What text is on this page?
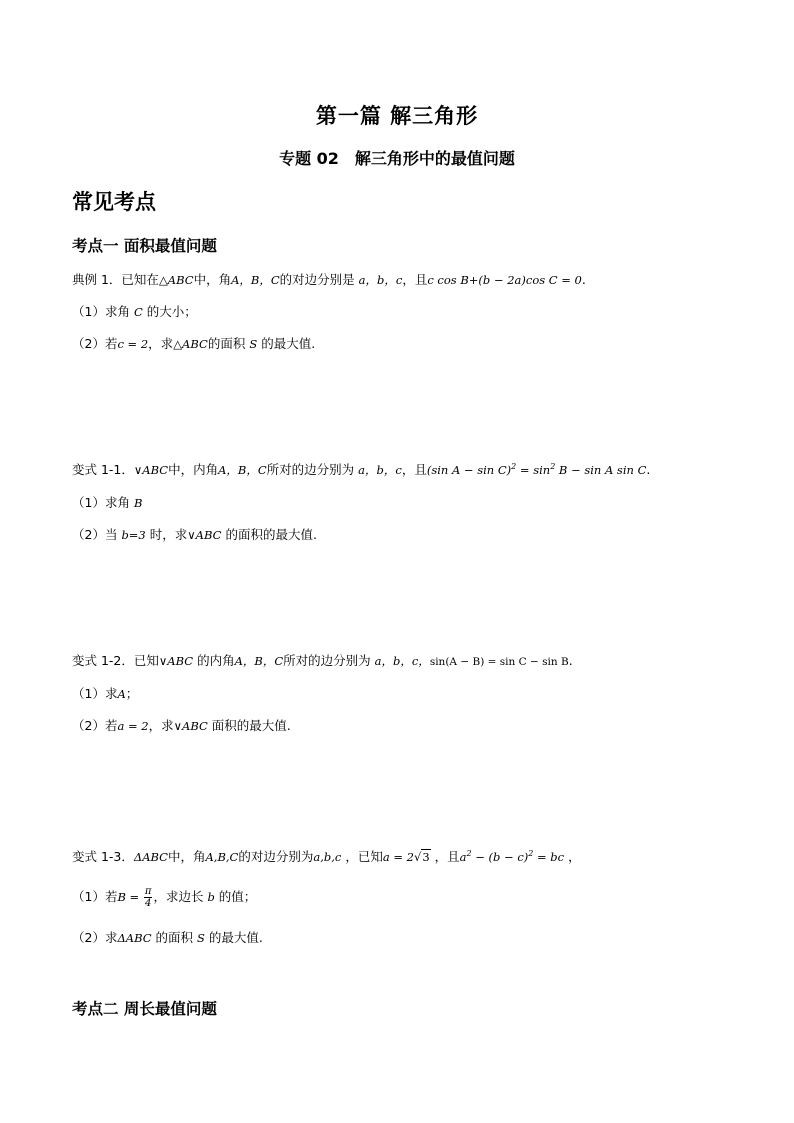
第一篇 解三角形
专题 02　解三角形中的最值问题
常见考点
考点一 面积最值问题
典例 1．已知在△ABC中，角A，B，C的对边分别是 a，b，c，且c cos B+(b − 2a)cos C = 0.
（1）求角 C 的大小；
（2）若c = 2，求△ABC的面积 S 的最大值.
变式 1-1．∨ABC中，内角A，B，C所对的边分别为 a，b，c，且(sin $A - \sin C)^2 = \sin^2 B - \sin A$ sin C.
（1）求角 B
（2）当 b=3 时，求∨ABC 的面积的最大值.
变式 1-2．已知∨ABC 的内角A，B，C所对的边分别为 a，b，c，sin(A − B) = sin C − sin B.
（1）求A；
（2）若a = 2，求∨ABC 面积的最大值.
变式 1-3．ΔABC中，角A,B,C的对边分别为a,b,c ，已知a = 2√3 ，且$a^2 - (b - c)^2$ = bc ，
（1）若$B = \frac{\pi}{4}$ ，求边长 b 的值；
（2）求ΔABC 的面积 S 的最大值.
考点二 周长最值问题
